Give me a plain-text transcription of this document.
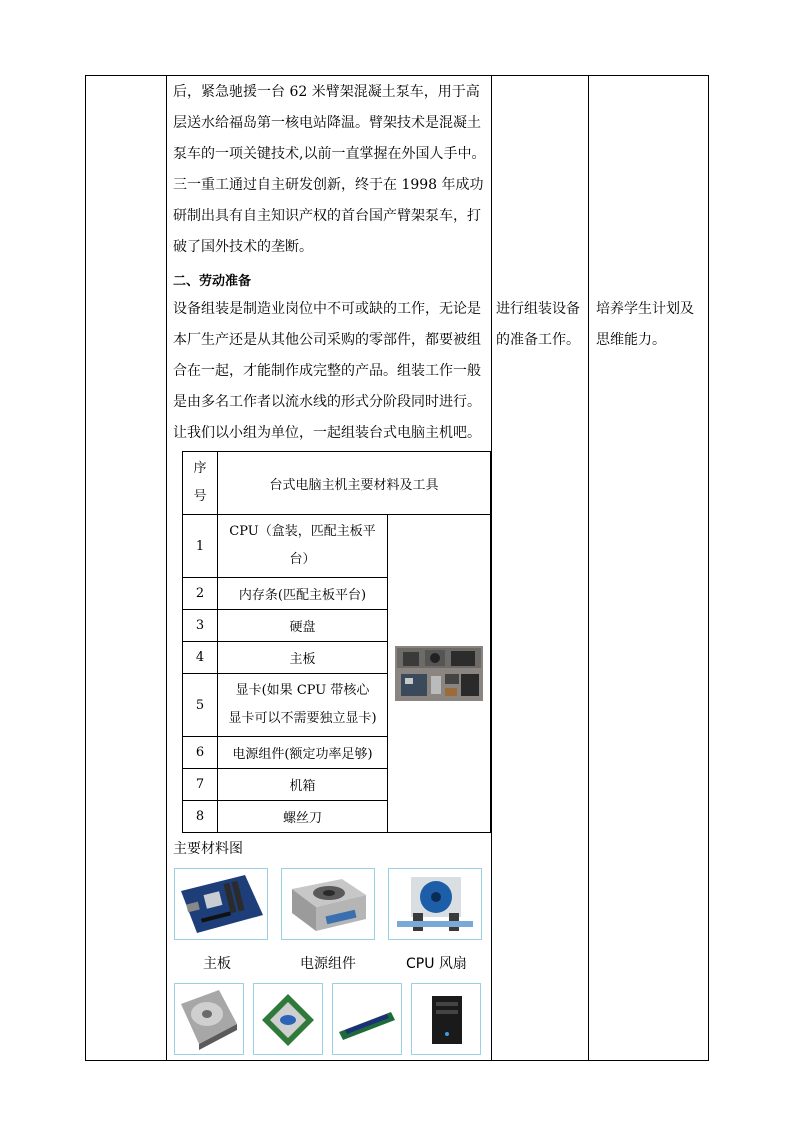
后，紧急驰援一台 62 米臂架混凝土泵车，用于高
层送水给福岛第一核电站降温。臂架技术是混凝土
泵车的一项关键技术,以前一直掌握在外国人手中。
三一重工通过自主研发创新，终于在 1998 年成功
研制出具有自主知识产权的首台国产臂架泵车，打
破了国外技术的垄断。
二、劳动准备
设备组装是制造业岗位中不可或缺的工作，无论是
本厂生产还是从其他公司采购的零部件，都要被组
合在一起，才能制作成完整的产品。组装工作一般
是由多名工作者以流水线的形式分阶段同时进行。
让我们以小组为单位，一起组装台式电脑主机吧。
进行组装设备
的准备工作。
培养学生计划及
思维能力。
序
号	台式电脑主机主要材料及工具	
1	CPU（盒装，匹配主板平
台）

2	内存条(匹配主板平台)	
3	硬盘	
4	主板	
5	显卡(如果 CPU 带核心
显卡可以不需要独立显卡)	

6	电源组件(额定功率足够)	
7	机箱	
8	螺丝刀	
主要材料图
主板	电源组件	CPU 风扇
